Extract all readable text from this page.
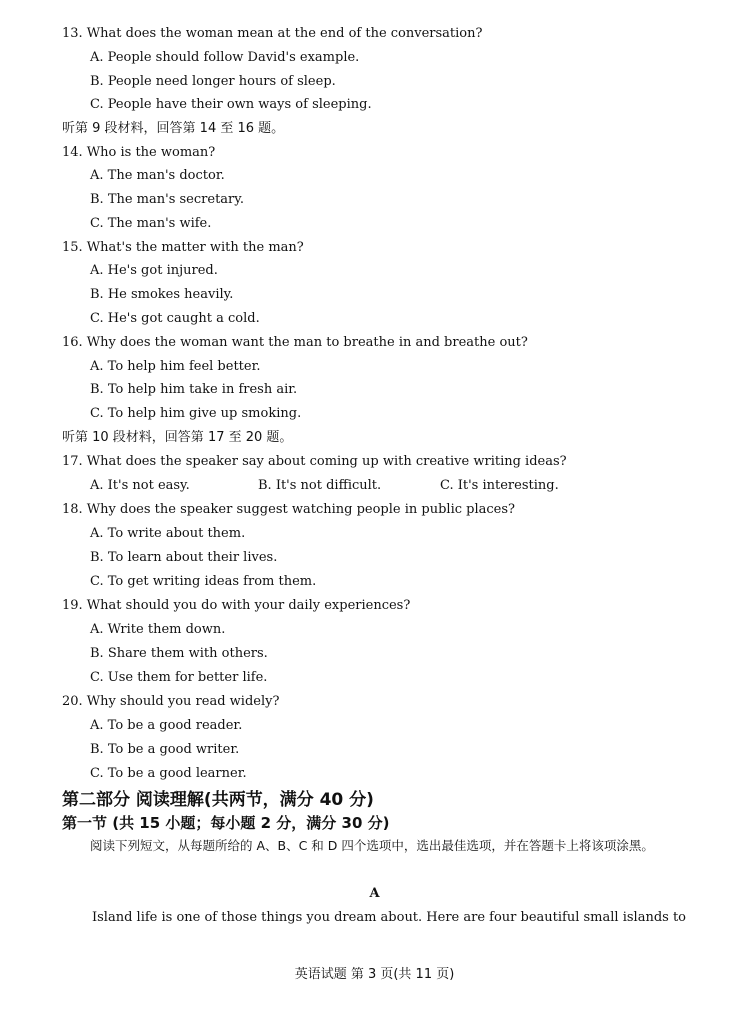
13. What does the woman mean at the end of the conversation?
A. People should follow David's example.
B. People need longer hours of sleep.
C. People have their own ways of sleeping.
听第 9 段材料，回答第 14 至 16 题。
14. Who is the woman?
A. The man's doctor.
B. The man's secretary.
C. The man's wife.
15. What's the matter with the man?
A. He's got injured.
B. He smokes heavily.
C. He's got caught a cold.
16. Why does the woman want the man to breathe in and breathe out?
A. To help him feel better.
B. To help him take in fresh air.
C. To help him give up smoking.
听第 10 段材料，回答第 17 至 20 题。
17. What does the speaker say about coming up with creative writing ideas?
A. It's not easy.	B. It's not difficult.	C. It's interesting.
18. Why does the speaker suggest watching people in public places?
A. To write about them.
B. To learn about their lives.
C. To get writing ideas from them.
19. What should you do with your daily experiences?
A. Write them down.
B. Share them with others.
C. Use them for better life.
20. Why should you read widely?
A. To be a good reader.
B. To be a good writer.
C. To be a good learner.
第二部分 阅读理解(共两节，满分 40 分)
第一节 (共 15 小题；每小题 2 分，满分 30 分)
阅读下列短文，从每题所给的 A、B、C 和 D 四个选项中，选出最佳选项，并在答题卡上将该项涂黑。
A
Island life is one of those things you dream about. Here are four beautiful small islands to
英语试题 第 3 页(共 11 页)
